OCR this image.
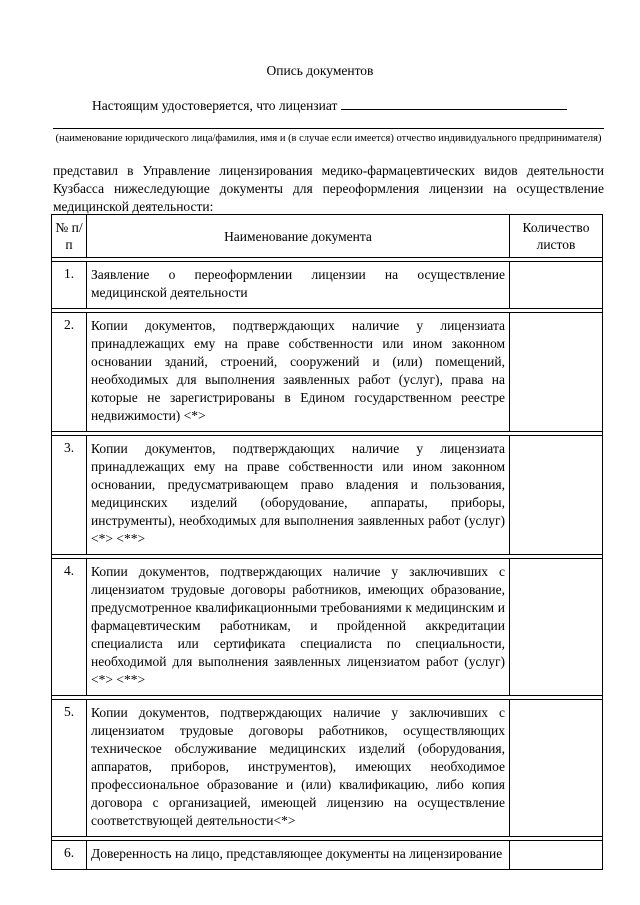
Опись документов
Настоящим удостоверяется, что лицензиат
(наименование юридического лица/фамилия, имя и (в случае если имеется) отчество индивидуального предпринимателя)
представил в Управление лицензирования медико-фармацевтических видов деятельности Кузбасса нижеследующие документы для переоформления лицензии на осуществление медицинской деятельности:
№ п/п	Наименование документа	Количество листов

1.	Заявление о переоформлении лицензии на осуществление медицинской деятельности	

2.	Копии документов, подтверждающих наличие у лицензиата принадлежащих ему на праве собственности или ином законном основании зданий, строений, сооружений и (или) помещений, необходимых для выполнения заявленных работ (услуг), права на которые не зарегистрированы в Едином государственном реестре недвижимости) <*>	

3.	Копии документов, подтверждающих наличие у лицензиата принадлежащих ему на праве собственности или ином законном основании, предусматривающем право владения и пользования, медицинских изделий (оборудование, аппараты, приборы, инструменты), необходимых для выполнения заявленных работ (услуг) <*> <**>	

4.	Копии документов, подтверждающих наличие у заключивших с лицензиатом трудовые договоры работников, имеющих образование, предусмотренное квалификационными требованиями к медицинским и фармацевтическим работникам, и пройденной аккредитации специалиста или сертификата специалиста по специальности, необходимой для выполнения заявленных лицензиатом работ (услуг) <*> <**>	

5.	Копии документов, подтверждающих наличие у заключивших с лицензиатом трудовые договоры работников, осуществляющих техническое обслуживание медицинских изделий (оборудования, аппаратов, приборов, инструментов), имеющих необходимое профессиональное образование и (или) квалификацию, либо копия договора с организацией, имеющей лицензию на осуществление соответствующей деятельности<*>	

6.	Доверенность на лицо, представляющее документы на лицензирование	
